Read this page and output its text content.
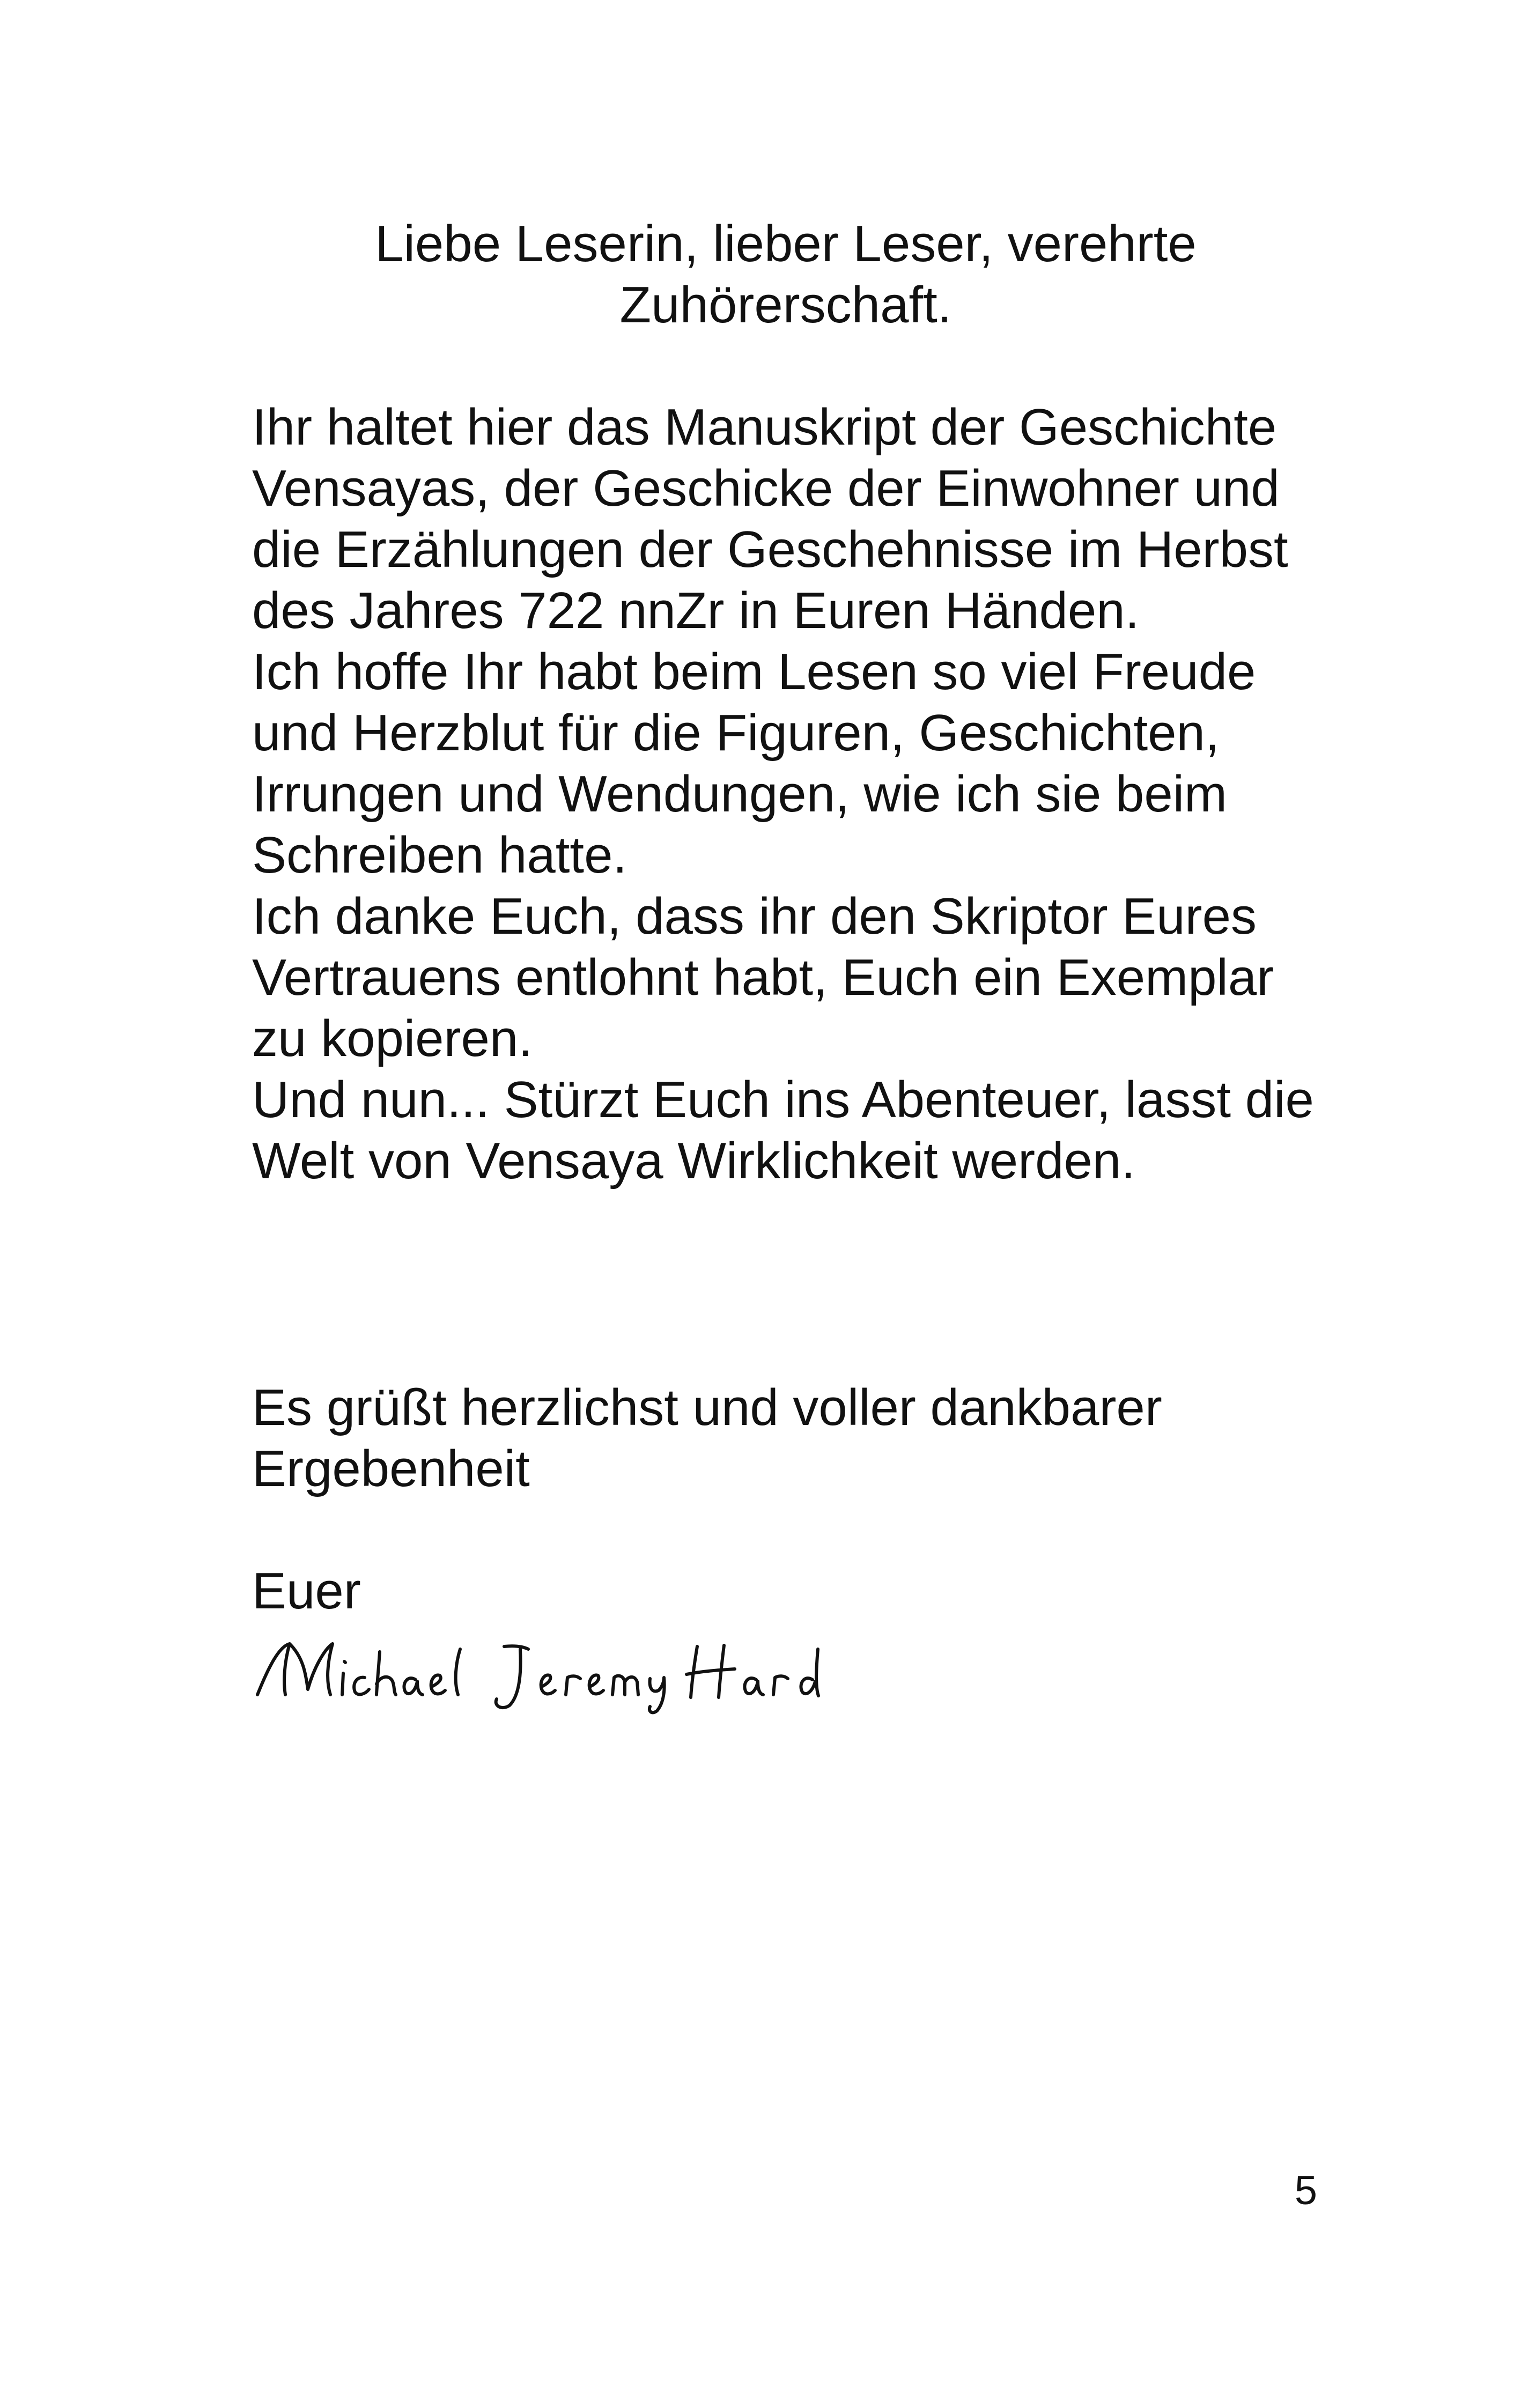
Liebe Leserin, lieber Leser, verehrte
Zuhörerschaft.

Ihr haltet hier das Manuskript der Geschichte Vensayas, der Geschicke der Einwohner und die Erzählungen der Geschehnisse im Herbst des Jahres 722 nnZr in Euren Händen.

Ich hoffe Ihr habt beim Lesen so viel Freude und Herzblut für die Figuren, Geschichten, Irrungen und Wendungen, wie ich sie beim Schreiben hatte.

Ich danke Euch, dass ihr den Skriptor Eures Vertrauens entlohnt habt, Euch ein Exemplar zu kopieren.

Und nun... Stürzt Euch ins Abenteuer, lasst die Welt von Vensaya Wirklichkeit werden.

Es grüßt herzlichst und voller dankbarer Ergebenheit

Euer

5
